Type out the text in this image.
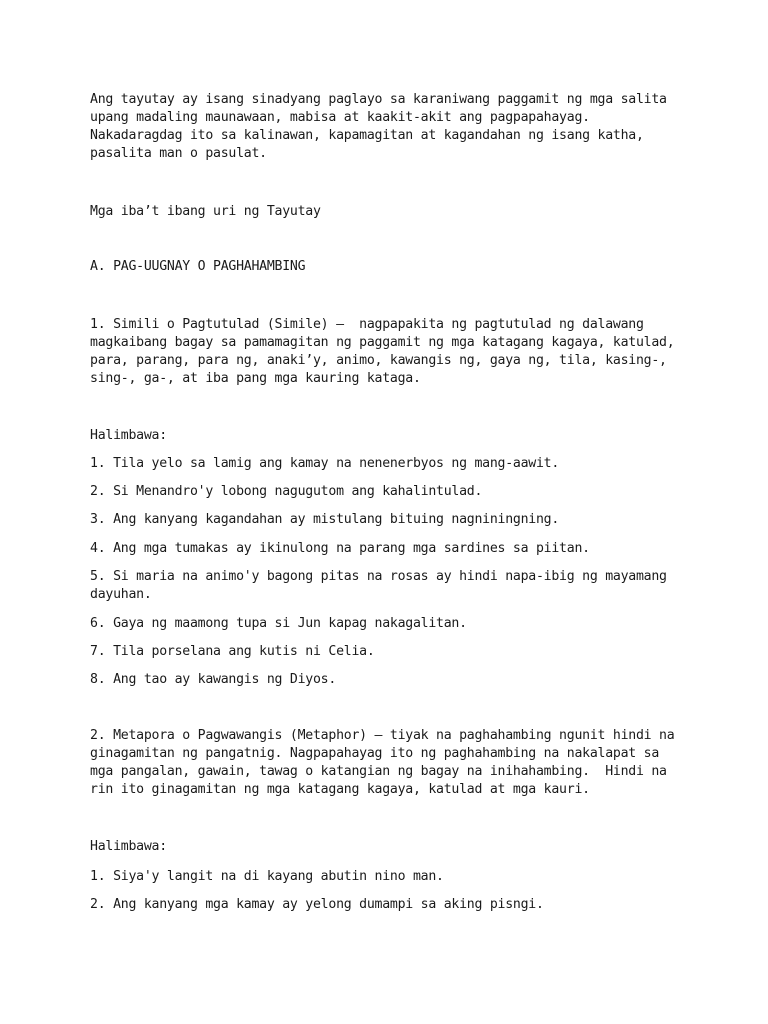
Ang tayutay ay isang sinadyang paglayo sa karaniwang paggamit ng mga salita
upang madaling maunawaan, mabisa at kaakit-akit ang pagpapahayag.
Nakadaragdag ito sa kalinawan, kapamagitan at kagandahan ng isang katha,
pasalita man o pasulat.

Mga iba’t ibang uri ng Tayutay

A. PAG-UUGNAY O PAGHAHAMBING

1. Simili o Pagtutulad (Simile) –  nagpapakita ng pagtutulad ng dalawang
magkaibang bagay sa pamamagitan ng paggamit ng mga katagang kagaya, katulad,
para, parang, para ng, anaki’y, animo, kawangis ng, gaya ng, tila, kasing-,
sing-, ga-, at iba pang mga kauring kataga.

Halimbawa:

1. Tila yelo sa lamig ang kamay na nenenerbyos ng mang-aawit.

2. Si Menandro'y lobong nagugutom ang kahalintulad.

3. Ang kanyang kagandahan ay mistulang bituing nagniningning.

4. Ang mga tumakas ay ikinulong na parang mga sardines sa piitan.

5. Si maria na animo'y bagong pitas na rosas ay hindi napa-ibig ng mayamang
dayuhan.

6. Gaya ng maamong tupa si Jun kapag nakagalitan.

7. Tila porselana ang kutis ni Celia.

8. Ang tao ay kawangis ng Diyos.

2. Metapora o Pagwawangis (Metaphor) – tiyak na paghahambing ngunit hindi na
ginagamitan ng pangatnig. Nagpapahayag ito ng paghahambing na nakalapat sa
mga pangalan, gawain, tawag o katangian ng bagay na inihahambing.  Hindi na
rin ito ginagamitan ng mga katagang kagaya, katulad at mga kauri.

Halimbawa:

1. Siya'y langit na di kayang abutin nino man.

2. Ang kanyang mga kamay ay yelong dumampi sa aking pisngi.
